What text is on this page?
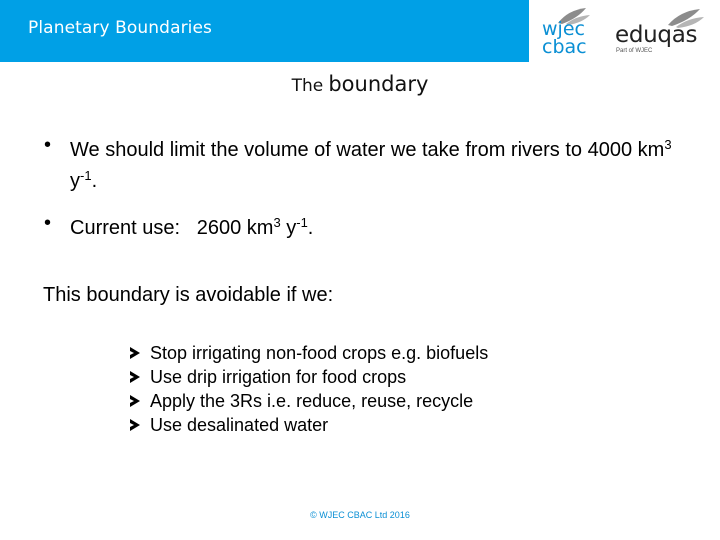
Planetary Boundaries	wjec
cbac eduqas
Part of WJEC
The boundary
• We should limit the volume of water we take from rivers to 4000 $km^3$ $y^{-1}$.
• Current use:   2600 $km^3$ $y^{-1}$.
This boundary is avoidable if we:
Stop irrigating non-food crops e.g. biofuels
Use drip irrigation for food crops
Apply the 3Rs i.e. reduce, reuse, recycle
Use desalinated water
© WJEC CBAC Ltd 2016
